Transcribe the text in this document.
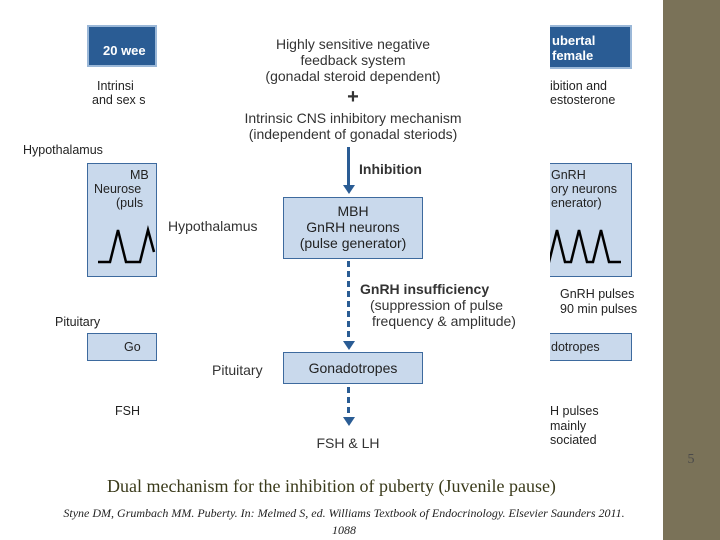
5
20 wee
Intrinsi
and sex s
Hypothalamus
MB
Neurose
(puls
Pituitary
Go
FSH
ubertal
female
ibition and
estosterone
GnRH
ory neurons
enerator)
GnRH pulses
90 min pulses
dotropes
H pulses
mainly
sociated
Highly sensitive negative
feedback system
(gonadal steroid dependent)
+
Intrinsic CNS inhibitory mechanism
(independent of gonadal steriods)
Inhibition
Hypothalamus
MBH
GnRH neurons
(pulse generator)
GnRH insufficiency
(suppression of pulse
frequency & amplitude)
Pituitary	Gonadotropes
FSH & LH
Dual mechanism for the inhibition of puberty (Juvenile pause)
Styne DM, Grumbach MM. Puberty. In: Melmed S, ed. Williams Textbook of Endocrinology. Elsevier Saunders 2011.
1088
